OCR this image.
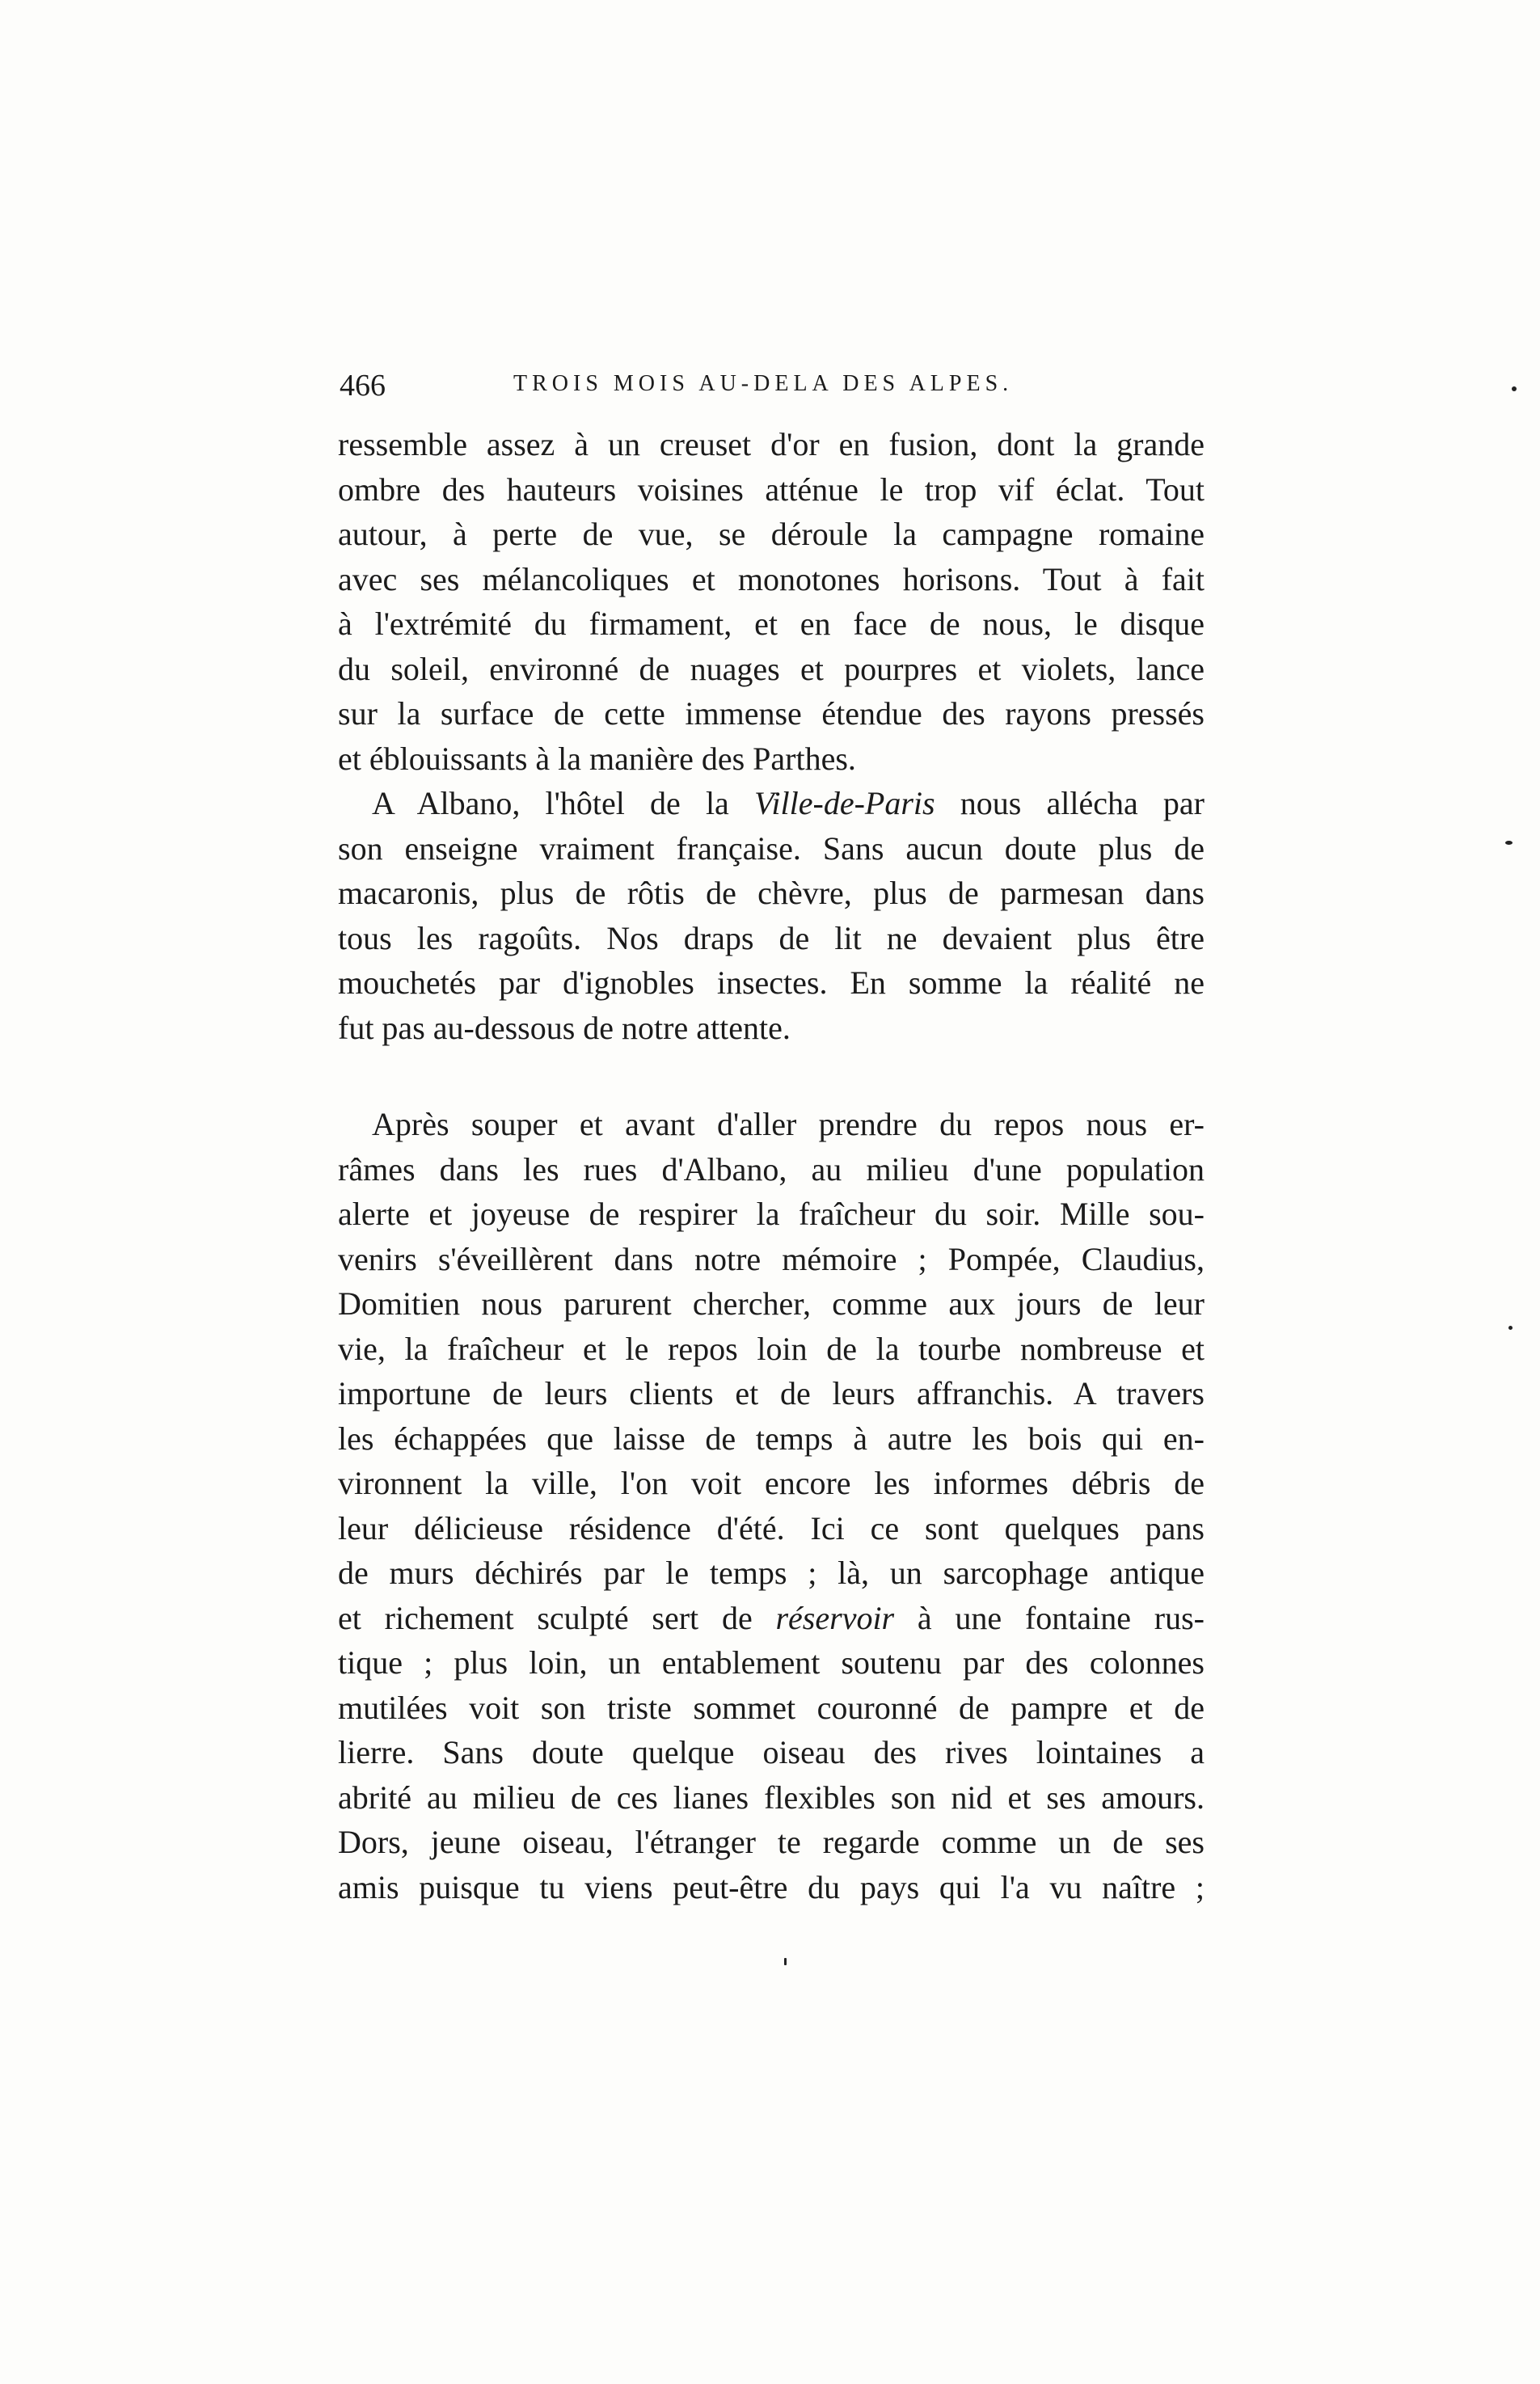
466	TROIS MOIS AU-DELA DES ALPES.
ressemble assez à un creuset d'or en fusion, dont la grande
ombre des hauteurs voisines atténue le trop vif éclat. Tout
autour, à perte de vue, se déroule la campagne romaine
avec ses mélancoliques et monotones horisons. Tout à fait
à l'extrémité du firmament, et en face de nous, le disque
du soleil, environné de nuages et pourpres et violets, lance
sur la surface de cette immense étendue des rayons pressés
et éblouissants à la manière des Parthes.
A Albano, l'hôtel de la Ville-de-Paris nous allécha par
son enseigne vraiment française. Sans aucun doute plus de
macaronis, plus de rôtis de chèvre, plus de parmesan dans
tous les ragoûts. Nos draps de lit ne devaient plus être
mouchetés par d'ignobles insectes. En somme la réalité ne
fut pas au-dessous de notre attente.
Après souper et avant d'aller prendre du repos nous er-
râmes dans les rues d'Albano, au milieu d'une population
alerte et joyeuse de respirer la fraîcheur du soir. Mille sou-
venirs s'éveillèrent dans notre mémoire ; Pompée, Claudius,
Domitien nous parurent chercher, comme aux jours de leur
vie, la fraîcheur et le repos loin de la tourbe nombreuse et
importune de leurs clients et de leurs affranchis. A travers
les échappées que laisse de temps à autre les bois qui en-
vironnent la ville, l'on voit encore les informes débris de
leur délicieuse résidence d'été. Ici ce sont quelques pans
de murs déchirés par le temps ; là, un sarcophage antique
et richement sculpté sert de réservoir à une fontaine rus-
tique ; plus loin, un entablement soutenu par des colonnes
mutilées voit son triste sommet couronné de pampre et de
lierre. Sans doute quelque oiseau des rives lointaines a
abrité au milieu de ces lianes flexibles son nid et ses amours.
Dors, jeune oiseau, l'étranger te regarde comme un de ses
amis puisque tu viens peut-être du pays qui l'a vu naître ;
